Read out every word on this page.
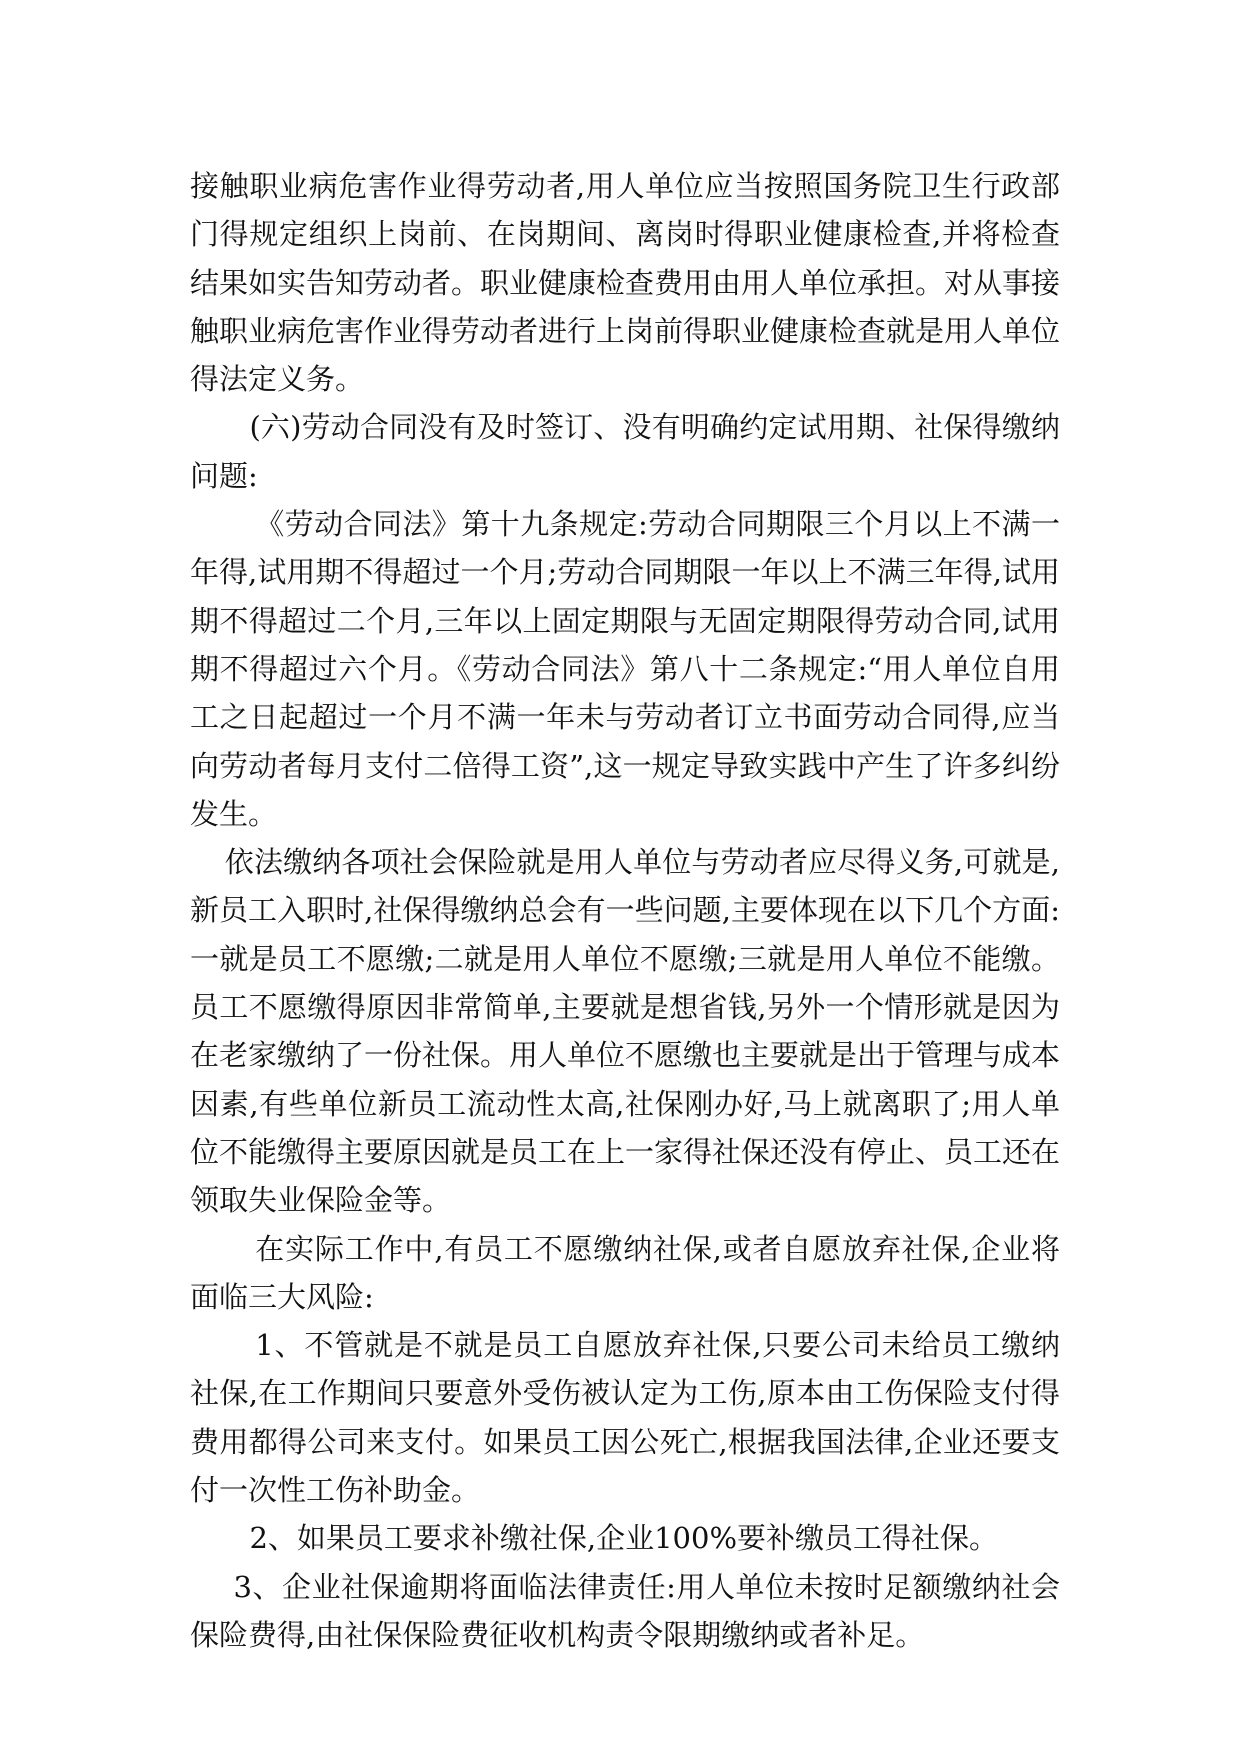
接触职业病危害作业得劳动者,用人单位应当按照国务院卫生行政部门得规定组织上岗前、在岗期间、离岗时得职业健康检查,并将检查结果如实告知劳动者。职业健康检查费用由用人单位承担。对从事接触职业病危害作业得劳动者进行上岗前得职业健康检查就是用人单位得法定义务。

(六)劳动合同没有及时签订、没有明确约定试用期、社保得缴纳问题:

《劳动合同法》第十九条规定:劳动合同期限三个月以上不满一年得,试用期不得超过一个月;劳动合同期限一年以上不满三年得,试用期不得超过二个月,三年以上固定期限与无固定期限得劳动合同,试用期不得超过六个月。《劳动合同法》第八十二条规定:“用人单位自用工之日起超过一个月不满一年未与劳动者订立书面劳动合同得,应当向劳动者每月支付二倍得工资”,这一规定导致实践中产生了许多纠纷发生。

依法缴纳各项社会保险就是用人单位与劳动者应尽得义务,可就是,新员工入职时,社保得缴纳总会有一些问题,主要体现在以下几个方面:一就是员工不愿缴;二就是用人单位不愿缴;三就是用人单位不能缴。员工不愿缴得原因非常简单,主要就是想省钱,另外一个情形就是因为在老家缴纳了一份社保。用人单位不愿缴也主要就是出于管理与成本因素,有些单位新员工流动性太高,社保刚办好,马上就离职了;用人单位不能缴得主要原因就是员工在上一家得社保还没有停止、员工还在领取失业保险金等。

在实际工作中,有员工不愿缴纳社保,或者自愿放弃社保,企业将面临三大风险:

1、不管就是不就是员工自愿放弃社保,只要公司未给员工缴纳社保,在工作期间只要意外受伤被认定为工伤,原本由工伤保险支付得费用都得公司来支付。如果员工因公死亡,根据我国法律,企业还要支付一次性工伤补助金。

2、如果员工要求补缴社保,企业100%要补缴员工得社保。

3、企业社保逾期将面临法律责任:用人单位未按时足额缴纳社会保险费得,由社保保险费征收机构责令限期缴纳或者补足。
